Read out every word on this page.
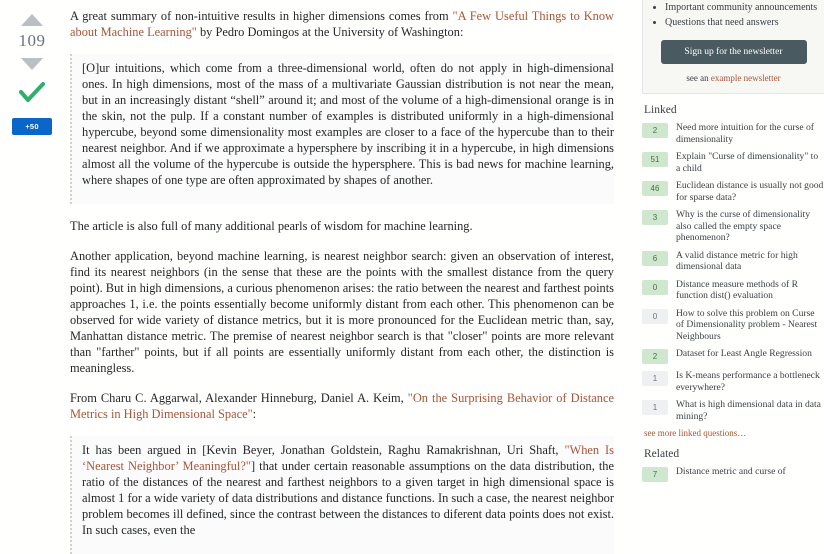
109
+50

A great summary of non-intuitive results in higher dimensions comes from "A Few Useful Things to Know about Machine Learning" by Pedro Domingos at the University of Washington:

[O]ur intuitions, which come from a three-dimensional world, often do not apply in high-dimensional ones. In high dimensions, most of the mass of a multivariate Gaussian distribution is not near the mean, but in an increasingly distant “shell” around it; and most of the volume of a high-dimensional orange is in the skin, not the pulp. If a constant number of examples is distributed uniformly in a high-dimensional hypercube, beyond some dimensionality most examples are closer to a face of the hypercube than to their nearest neighbor. And if we approximate a hypersphere by inscribing it in a hypercube, in high dimensions almost all the volume of the hypercube is outside the hypersphere. This is bad news for machine learning, where shapes of one type are often approximated by shapes of another.

The article is also full of many additional pearls of wisdom for machine learning.

Another application, beyond machine learning, is nearest neighbor search: given an observation of interest, find its nearest neighbors (in the sense that these are the points with the smallest distance from the query point). But in high dimensions, a curious phenomenon arises: the ratio between the nearest and farthest points approaches 1, i.e. the points essentially become uniformly distant from each other. This phenomenon can be observed for wide variety of distance metrics, but it is more pronounced for the Euclidean metric than, say, Manhattan distance metric. The premise of nearest neighbor search is that "closer" points are more relevant than "farther" points, but if all points are essentially uniformly distant from each other, the distinction is meaningless.

From Charu C. Aggarwal, Alexander Hinneburg, Daniel A. Keim, "On the Surprising Behavior of Distance Metrics in High Dimensional Space":

It has been argued in [Kevin Beyer, Jonathan Goldstein, Raghu Ramakrishnan, Uri Shaft, "When Is ‘Nearest Neighbor’ Meaningful?"] that under certain reasonable assumptions on the data distribution, the ratio of the distances of the nearest and farthest neighbors to a given target in high dimensional space is almost 1 for a wide variety of data distributions and distance functions. In such a case, the nearest neighbor problem becomes ill defined, since the contrast between the distances to diferent data points does not exist. In such cases, even the

• Important community announcements
• Questions that need answers
Sign up for the newsletter
see an example newsletter
Linked
2	Need more intuition for the curse of dimensionality
51	Explain "Curse of dimensionality" to a child
46	Euclidean distance is usually not good for sparse data?
3	Why is the curse of dimensionality also called the empty space phenomenon?
6	A valid distance metric for high dimensional data
0	Distance measure methods of R function dist() evaluation
0	How to solve this problem on Curse of Dimensionality problem - Nearest Neighbours
2	Dataset for Least Angle Regression
1	Is K-means performance a bottleneck everywhere?
1	What is high dimensional data in data mining?
see more linked questions…
Related
7	Distance metric and curse of
